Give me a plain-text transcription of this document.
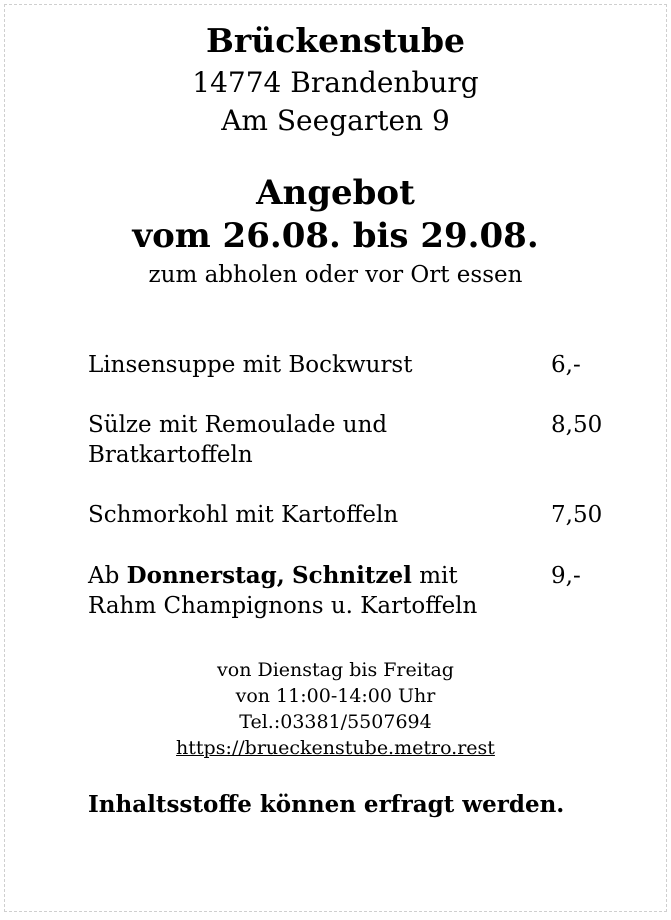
Brückenstube
14774 Brandenburg
Am Seegarten 9
Angebot
vom 26.08. bis 29.08.
zum abholen oder vor Ort essen
Linsensuppe mit Bockwurst	6,-
Sülze mit Remoulade und Bratkartoffeln
8,50
Schmorkohl mit Kartoffeln	7,50
Ab Donnerstag, Schnitzel mit
Rahm Champignons u. Kartoffeln
9,-
von Dienstag bis Freitag
von 11:00-14:00 Uhr
Tel.:03381/5507694
https://brueckenstube.metro.rest
Inhaltsstoffe können erfragt werden.
